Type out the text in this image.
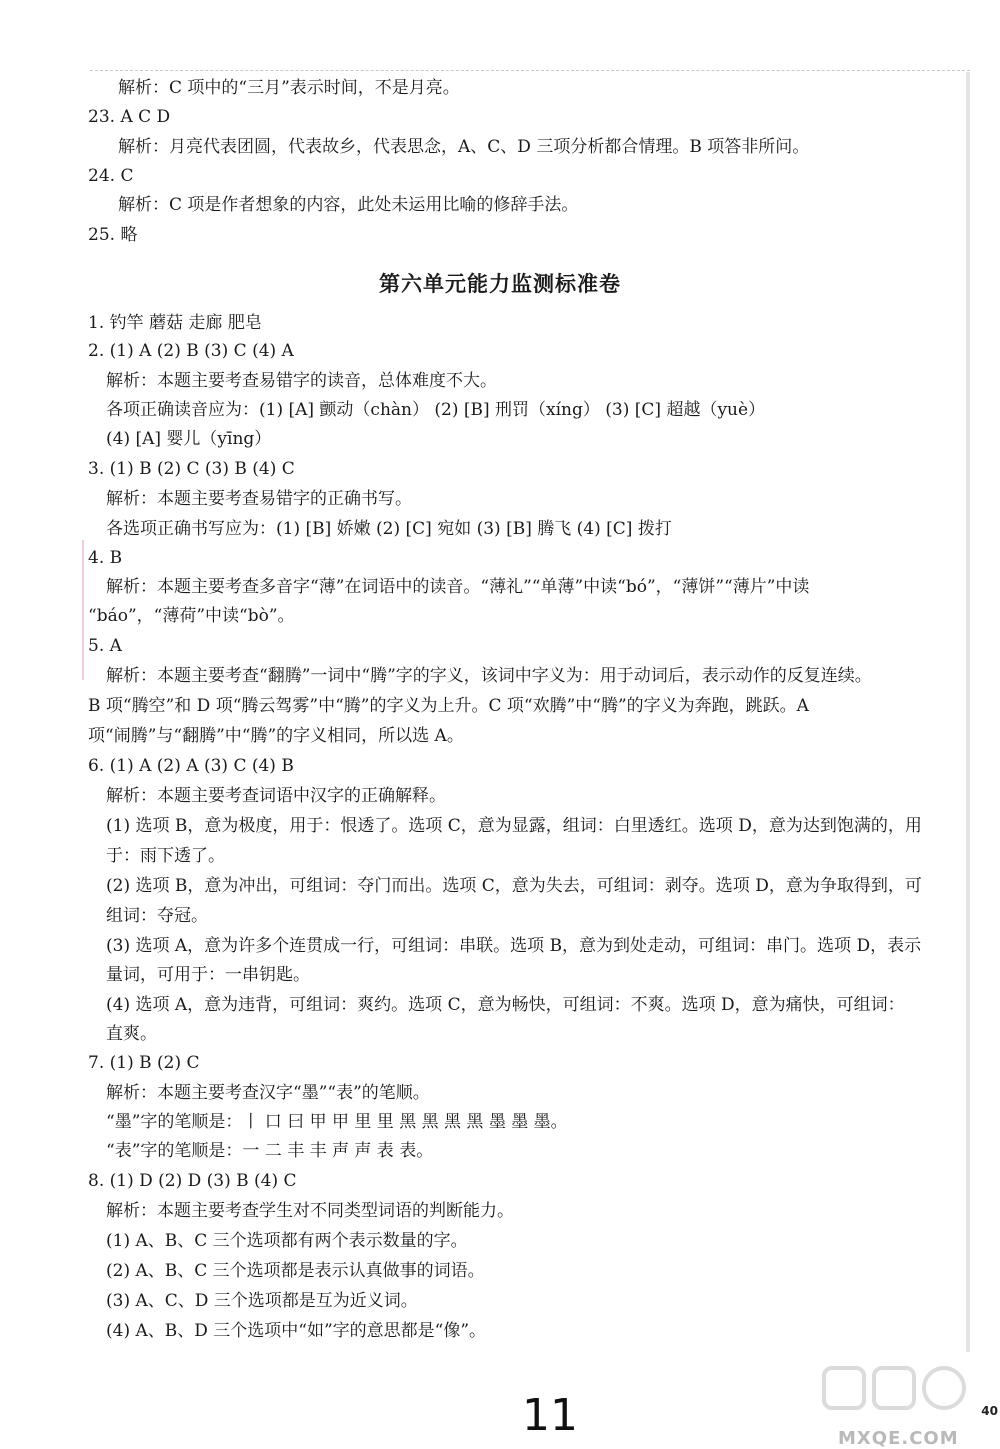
解析：C 项中的“三月”表示时间，不是月亮。
23. A C D
解析：月亮代表团圆，代表故乡，代表思念，A、C、D 三项分析都合情理。B 项答非所问。
24. C
解析：C 项是作者想象的内容，此处未运用比喻的修辞手法。
25. 略
第六单元能力监测标准卷
1. 钓竿 蘑菇 走廊 肥皂
2. (1) A (2) B (3) C (4) A
解析：本题主要考查易错字的读音，总体难度不大。
各项正确读音应为：(1) [A] 颤动（chàn） (2) [B] 刑罚（xíng） (3) [C] 超越（yuè）
(4) [A] 婴儿（yīng）
3. (1) B (2) C (3) B (4) C
解析：本题主要考查易错字的正确书写。
各选项正确书写应为：(1) [B] 娇嫩 (2) [C] 宛如 (3) [B] 腾飞 (4) [C] 拨打
4. B
解析：本题主要考查多音字“薄”在词语中的读音。“薄礼”“单薄”中读“bó”，“薄饼”“薄片”中读
“báo”，“薄荷”中读“bò”。
5. A
解析：本题主要考查“翻腾”一词中“腾”字的字义，该词中字义为：用于动词后，表示动作的反复连续。
B 项“腾空”和 D 项“腾云驾雾”中“腾”的字义为上升。C 项“欢腾”中“腾”的字义为奔跑，跳跃。A
项“闹腾”与“翻腾”中“腾”的字义相同，所以选 A。
6. (1) A (2) A (3) C (4) B
解析：本题主要考查词语中汉字的正确解释。
(1) 选项 B，意为极度，用于：恨透了。选项 C，意为显露，组词：白里透红。选项 D，意为达到饱满的，用
于：雨下透了。
(2) 选项 B，意为冲出，可组词：夺门而出。选项 C，意为失去，可组词：剥夺。选项 D，意为争取得到，可
组词：夺冠。
(3) 选项 A，意为许多个连贯成一行，可组词：串联。选项 B，意为到处走动，可组词：串门。选项 D，表示
量词，可用于：一串钥匙。
(4) 选项 A，意为违背，可组词：爽约。选项 C，意为畅快，可组词：不爽。选项 D，意为痛快，可组词：
直爽。
7. (1) B (2) C
解析：本题主要考查汉字“墨”“表”的笔顺。
“墨”字的笔顺是：丨 口 曰 甲 甲 里 里 黑 黑 黑 黑 墨 墨 墨。
“表”字的笔顺是：一 二 丰 丰 声 声 表 表。
8. (1) D (2) D (3) B (4) C
解析：本题主要考查学生对不同类型词语的判断能力。
(1) A、B、C 三个选项都有两个表示数量的字。
(2) A、B、C 三个选项都是表示认真做事的词语。
(3) A、C、D 三个选项都是互为近义词。
(4) A、B、D 三个选项中“如”字的意思都是“像”。
11	40
MXQE.COM
